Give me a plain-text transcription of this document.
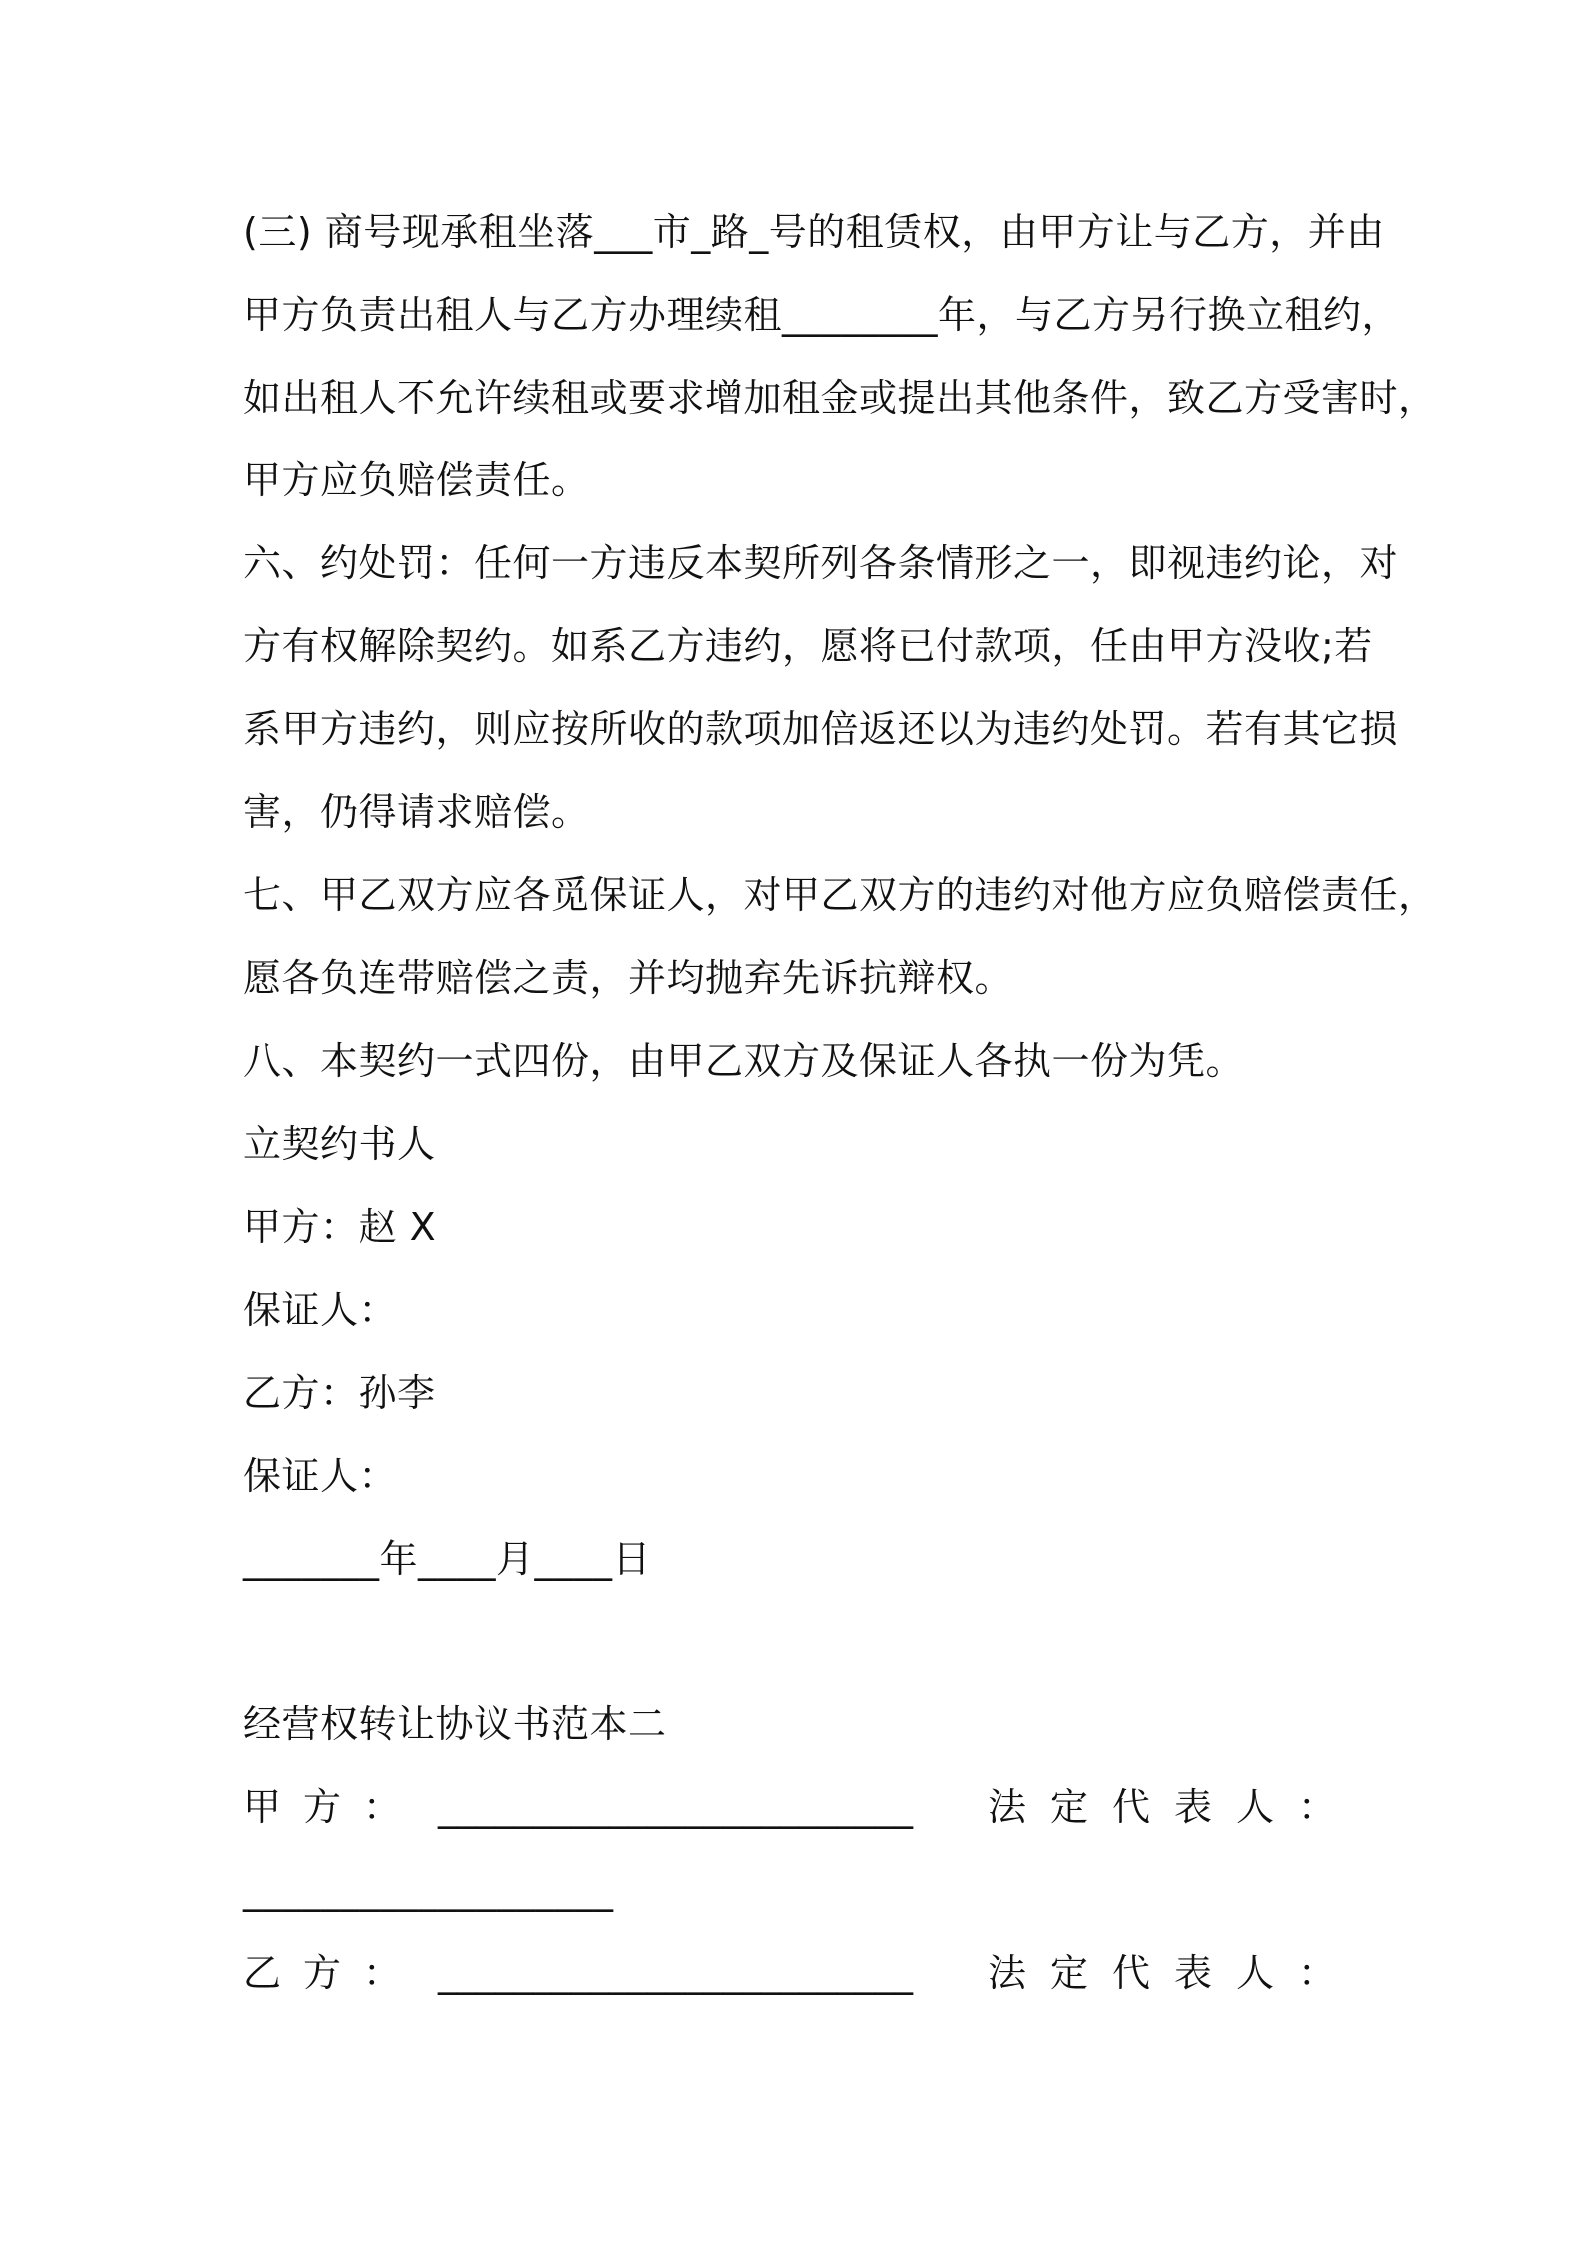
(三) 商号现承租坐落___市_路_号的租赁权，由甲方让与乙方，并由
甲方负责出租人与乙方办理续租________年，与乙方另行换立租约，
如出租人不允许续租或要求增加租金或提出其他条件，致乙方受害时，
甲方应负赔偿责任。
六、约处罚：任何一方违反本契所列各条情形之一，即视违约论，对
方有权解除契约。如系乙方违约，愿将已付款项，任由甲方没收;若
系甲方违约，则应按所收的款项加倍返还以为违约处罚。若有其它损
害，仍得请求赔偿。
七、甲乙双方应各觅保证人，对甲乙双方的违约对他方应负赔偿责任，
愿各负连带赔偿之责，并均抛弃先诉抗辩权。
八、本契约一式四份，由甲乙双方及保证人各执一份为凭。
立契约书人
甲方：赵 X
保证人：
乙方：孙李
保证人：
_______年____月____日
经营权转让协议书范本二
甲方： _________________________ 法定代表人：
___________________
乙方： _________________________ 法定代表人：
